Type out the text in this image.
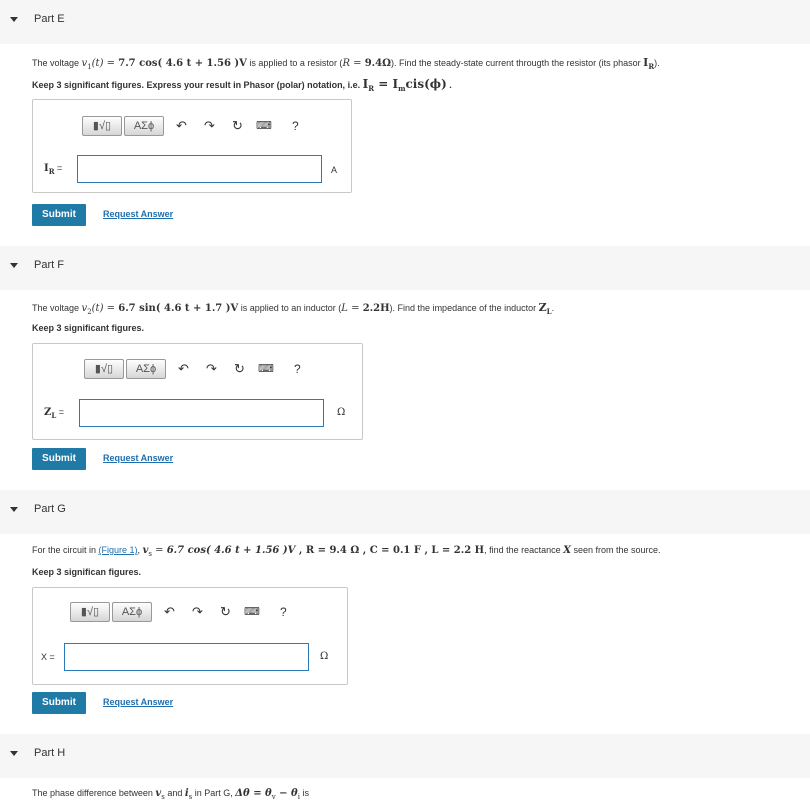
Part E
The voltage $v_1(t) = 7.7$ cos( 4.6 t + 1.56 )V is applied to a resistor (R = 9.4Ω). Find the steady-state current througth the resistor (its phasor $I_R$).
Keep 3 significant figures. Express your result in Phasor (polar) notation, i.e. $I_R = I_mcis(\phi)$ .
▮√▯	ΑΣϕ	↶ ↷ ↻ ⌨ ?
$I_R$ =	A
Submit	Request Answer
Part F
The voltage $v_2(t) = 6.7$ sin( 4.6 t + 1.7 )V is applied to an inductor (L = 2.2H). Find the impedance of the inductor $Z_L$.
Keep 3 significant figures.
▮√▯	ΑΣϕ	↶ ↷ ↻ ⌨ ?
$Z_L$ =	Ω
Submit	Request Answer
Part G
For the circuit in (Figure 1), $v_s = 6.7$ cos( 4.6 t + 1.56 )V , R = 9.4 Ω , C = 0.1 F , L = 2.2 H, find the reactance X seen from the source.
Keep 3 significan figures.
▮√▯	ΑΣϕ	↶ ↷ ↻ ⌨ ?
X =	Ω
Submit	Request Answer
Part H
The phase difference between $v_s$ and $i_s$ in Part G, $\Delta\theta = \theta_v - \theta_i$ is
